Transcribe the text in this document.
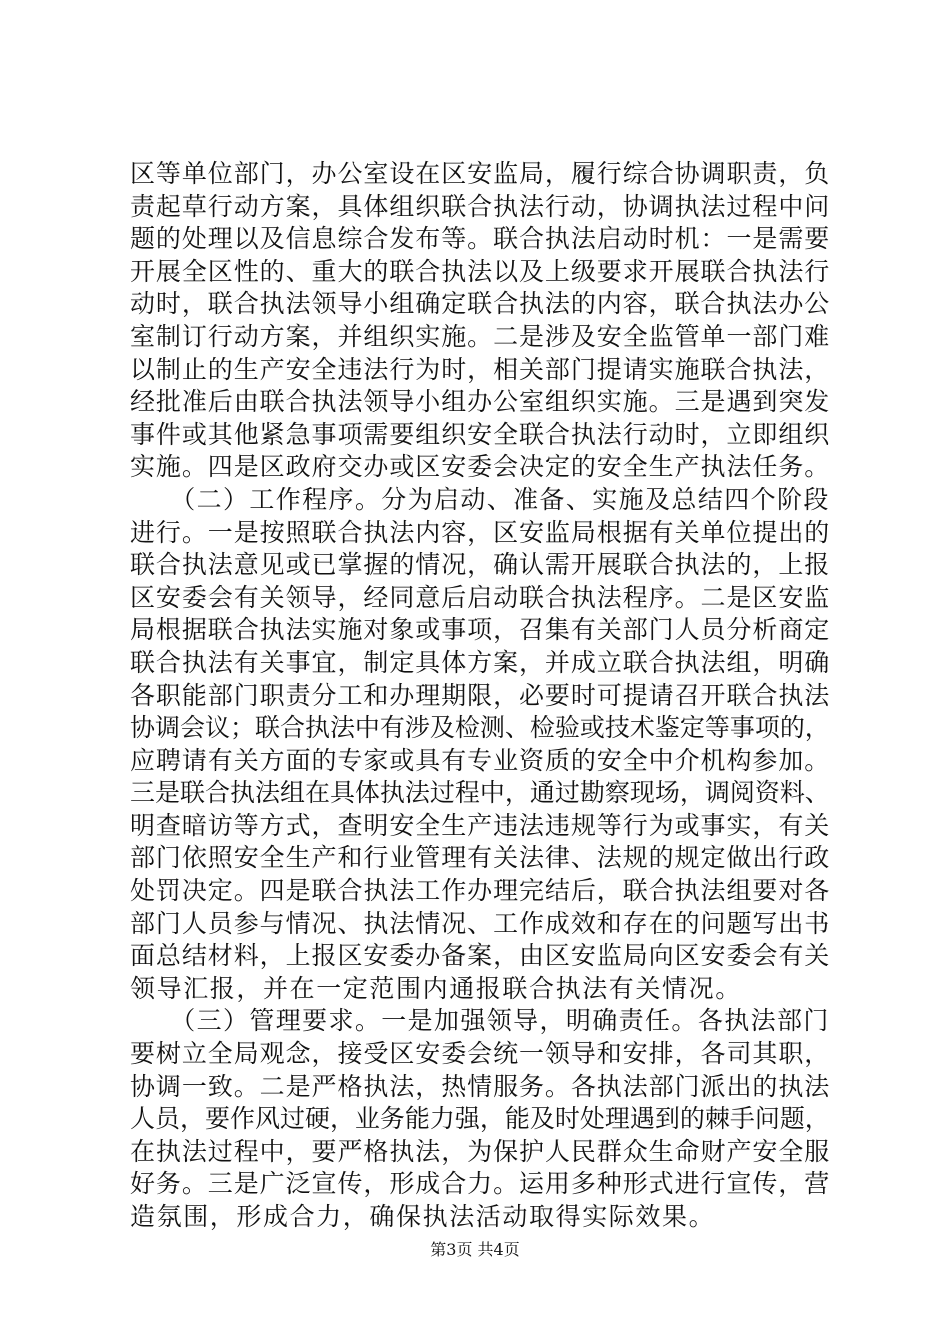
区等单位部门，办公室设在区安监局，履行综合协调职责，负
责起草行动方案，具体组织联合执法行动，协调执法过程中问
题的处理以及信息综合发布等。联合执法启动时机：一是需要
开展全区性的、重大的联合执法以及上级要求开展联合执法行
动时，联合执法领导小组确定联合执法的内容，联合执法办公
室制订行动方案，并组织实施。二是涉及安全监管单一部门难
以制止的生产安全违法行为时，相关部门提请实施联合执法，
经批准后由联合执法领导小组办公室组织实施。三是遇到突发
事件或其他紧急事项需要组织安全联合执法行动时，立即组织
实施。四是区政府交办或区安委会决定的安全生产执法任务。
　　（二）工作程序。分为启动、准备、实施及总结四个阶段
进行。一是按照联合执法内容，区安监局根据有关单位提出的
联合执法意见或已掌握的情况，确认需开展联合执法的，上报
区安委会有关领导，经同意后启动联合执法程序。二是区安监
局根据联合执法实施对象或事项，召集有关部门人员分析商定
联合执法有关事宜，制定具体方案，并成立联合执法组，明确
各职能部门职责分工和办理期限，必要时可提请召开联合执法
协调会议；联合执法中有涉及检测、检验或技术鉴定等事项的，
应聘请有关方面的专家或具有专业资质的安全中介机构参加。
三是联合执法组在具体执法过程中，通过勘察现场，调阅资料、
明查暗访等方式，查明安全生产违法违规等行为或事实，有关
部门依照安全生产和行业管理有关法律、法规的规定做出行政
处罚决定。四是联合执法工作办理完结后，联合执法组要对各
部门人员参与情况、执法情况、工作成效和存在的问题写出书
面总结材料，上报区安委办备案，由区安监局向区安委会有关
领导汇报，并在一定范围内通报联合执法有关情况。
　　（三）管理要求。一是加强领导，明确责任。各执法部门
要树立全局观念，接受区安委会统一领导和安排，各司其职，
协调一致。二是严格执法，热情服务。各执法部门派出的执法
人员，要作风过硬，业务能力强，能及时处理遇到的棘手问题，
在执法过程中，要严格执法，为保护人民群众生命财产安全服
好务。三是广泛宣传，形成合力。运用多种形式进行宣传，营
造氛围，形成合力，确保执法活动取得实际效果。
第3页 共4页
